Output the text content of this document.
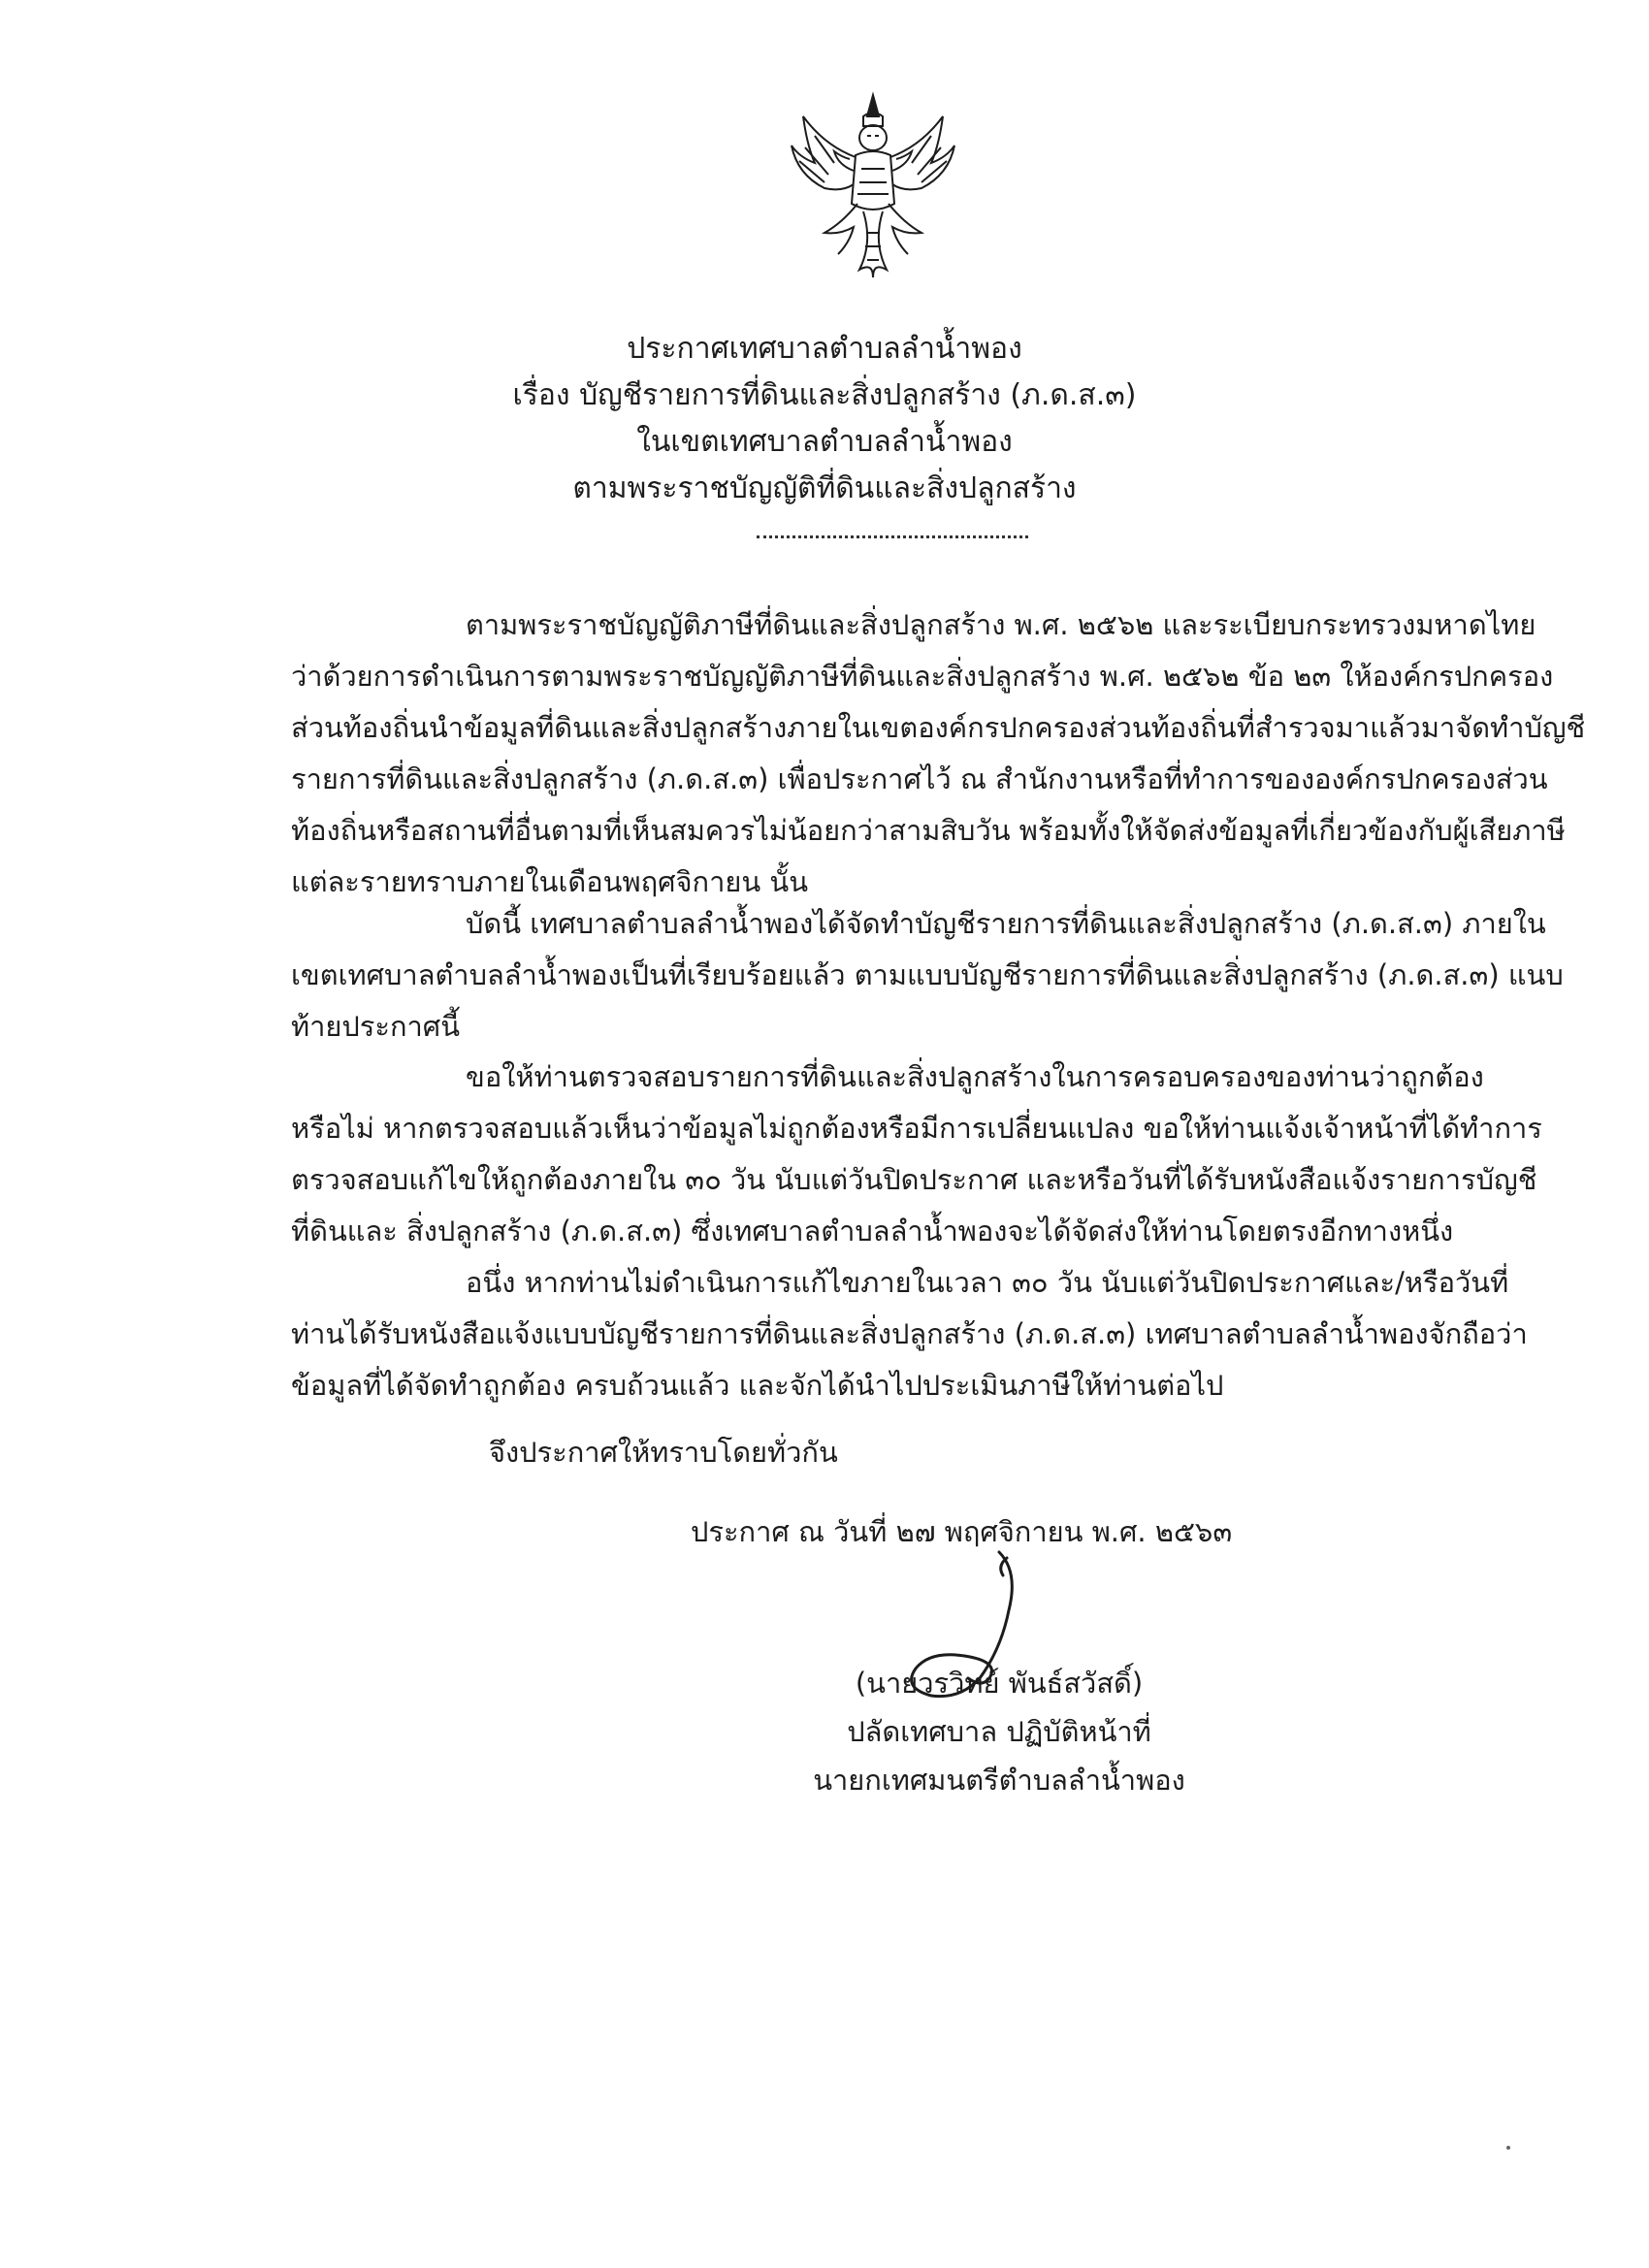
ประกาศเทศบาลตำบลลำน้ำพอง
เรื่อง บัญชีรายการที่ดินและสิ่งปลูกสร้าง (ภ.ด.ส.๓)
ในเขตเทศบาลตำบลลำน้ำพอง
ตามพระราชบัญญัติที่ดินและสิ่งปลูกสร้าง
ตามพระราชบัญญัติภาษีที่ดินและสิ่งปลูกสร้าง พ.ศ. ๒๕๖๒ และระเบียบกระทรวงมหาดไทย
ว่าด้วยการดำเนินการตามพระราชบัญญัติภาษีที่ดินและสิ่งปลูกสร้าง พ.ศ. ๒๕๖๒ ข้อ ๒๓ ให้องค์กรปกครอง
ส่วนท้องถิ่นนำข้อมูลที่ดินและสิ่งปลูกสร้างภายในเขตองค์กรปกครองส่วนท้องถิ่นที่สำรวจมาแล้วมาจัดทำบัญชี
รายการที่ดินและสิ่งปลูกสร้าง (ภ.ด.ส.๓) เพื่อประกาศไว้ ณ สำนักงานหรือที่ทำการขององค์กรปกครองส่วน
ท้องถิ่นหรือสถานที่อื่นตามที่เห็นสมควรไม่น้อยกว่าสามสิบวัน พร้อมทั้งให้จัดส่งข้อมูลที่เกี่ยวข้องกับผู้เสียภาษี
แต่ละรายทราบภายในเดือนพฤศจิกายน นั้น
บัดนี้ เทศบาลตำบลลำน้ำพองได้จัดทำบัญชีรายการที่ดินและสิ่งปลูกสร้าง (ภ.ด.ส.๓) ภายใน
เขตเทศบาลตำบลลำน้ำพองเป็นที่เรียบร้อยแล้ว ตามแบบบัญชีรายการที่ดินและสิ่งปลูกสร้าง (ภ.ด.ส.๓) แนบ
ท้ายประกาศนี้
ขอให้ท่านตรวจสอบรายการที่ดินและสิ่งปลูกสร้างในการครอบครองของท่านว่าถูกต้อง
หรือไม่ หากตรวจสอบแล้วเห็นว่าข้อมูลไม่ถูกต้องหรือมีการเปลี่ยนแปลง ขอให้ท่านแจ้งเจ้าหน้าที่ได้ทำการ
ตรวจสอบแก้ไขให้ถูกต้องภายใน ๓๐ วัน นับแต่วันปิดประกาศ และหรือวันที่ได้รับหนังสือแจ้งรายการบัญชี
ที่ดินและ สิ่งปลูกสร้าง (ภ.ด.ส.๓) ซึ่งเทศบาลตำบลลำน้ำพองจะได้จัดส่งให้ท่านโดยตรงอีกทางหนึ่ง
อนึ่ง หากท่านไม่ดำเนินการแก้ไขภายในเวลา ๓๐ วัน นับแต่วันปิดประกาศและ/หรือวันที่
ท่านได้รับหนังสือแจ้งแบบบัญชีรายการที่ดินและสิ่งปลูกสร้าง (ภ.ด.ส.๓) เทศบาลตำบลลำน้ำพองจักถือว่า
ข้อมูลที่ได้จัดทำถูกต้อง ครบถ้วนแล้ว และจักได้นำไปประเมินภาษีให้ท่านต่อไป
จึงประกาศให้ทราบโดยทั่วกัน
ประกาศ ณ วันที่ ๒๗ พฤศจิกายน พ.ศ. ๒๕๖๓
(นายวรวิทย์ พันธ์สวัสดิ์)
ปลัดเทศบาล ปฏิบัติหน้าที่
นายกเทศมนตรีตำบลลำน้ำพอง
